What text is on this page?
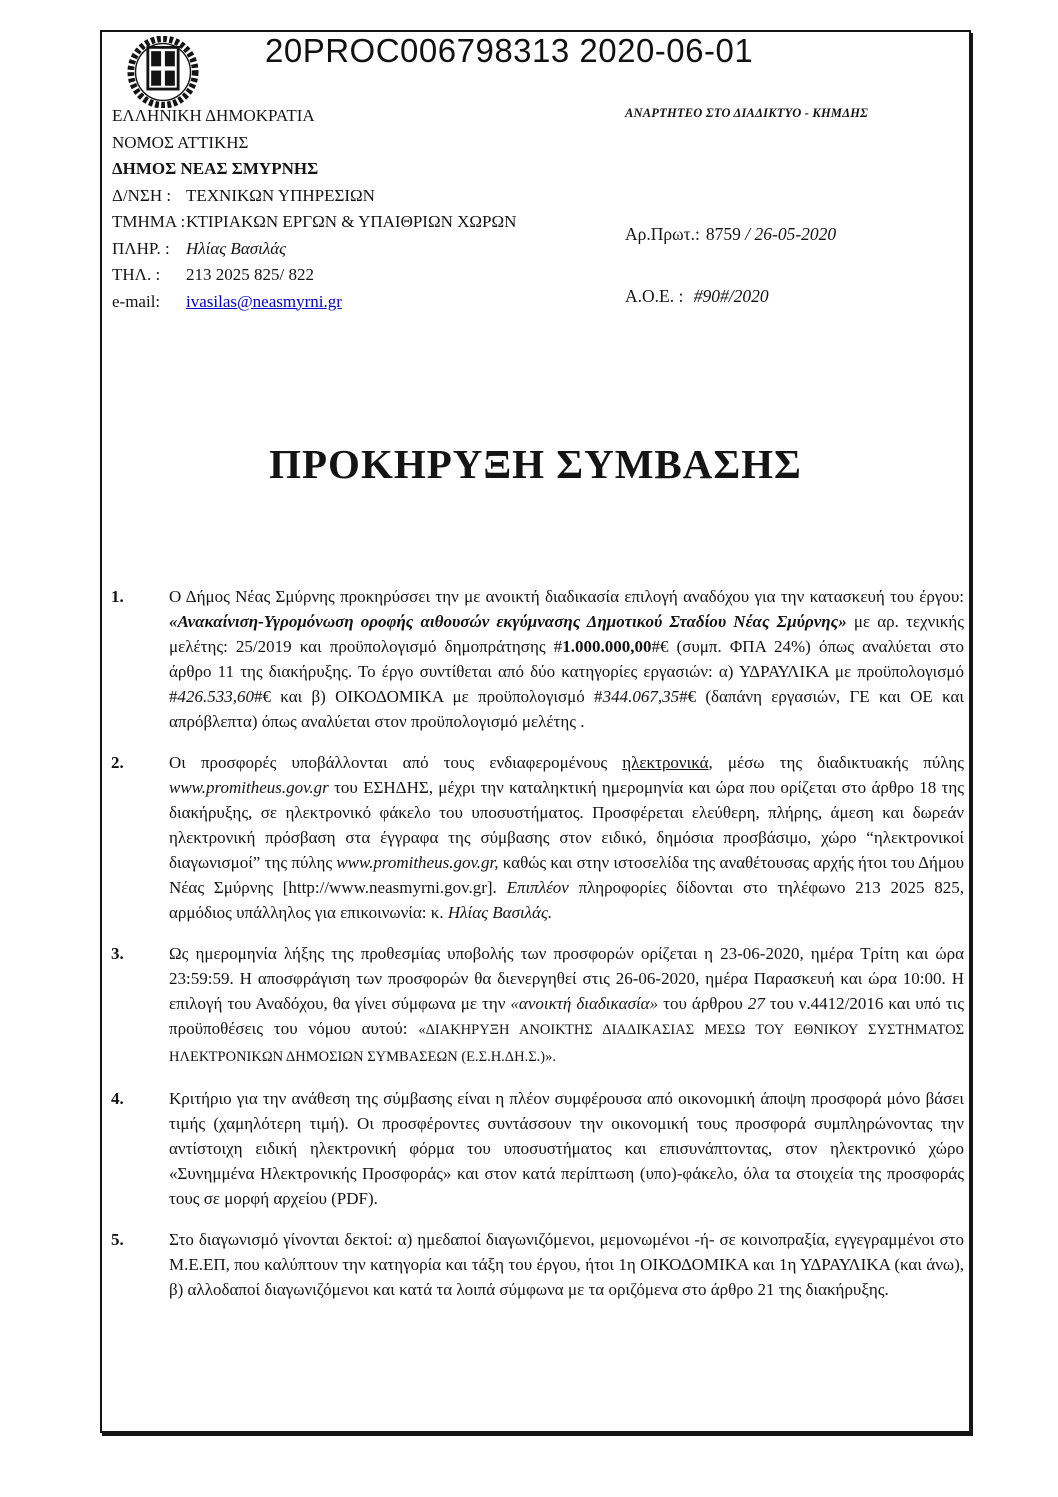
20PROC006798313 2020-06-01
ΕΛΛΗΝΙΚΗ ΔΗΜΟΚΡΑΤΙΑ
ΝΟΜΟΣ ΑΤΤΙΚΗΣ
ΔΗΜΟΣ ΝΕΑΣ ΣΜΥΡΝΗΣ
Δ/ΝΣΗ : ΤΕΧΝΙΚΩΝ ΥΠΗΡΕΣΙΩΝ
ΤΜΗΜΑ : ΚΤΙΡΙΑΚΩΝ ΕΡΓΩΝ & ΥΠΑΙΘΡΙΩΝ ΧΩΡΩΝ
ΠΛΗΡ. : Ηλίας Βασιλάς
ΤΗΛ. :	213 2025 825/ 822
e-mail:	ivasilas@neasmyrni.gr
ΑΝΑΡΤΗΤΕΟ ΣΤΟ ΔΙΑΔΙΚΤΥΟ - ΚΗΜΔΗΣ
Αρ.Πρωτ.: 8759 / 26-05-2020
Α.Ο.Ε. : #90#/2020
ΠΡΟΚΗΡΥΞΗ ΣΥΜΒΑΣΗΣ
1.	Ο Δήμος Νέας Σμύρνης προκηρύσσει την με ανοικτή διαδικασία επιλογή αναδόχου για την κατασκευή του έργου: «Ανακαίνιση-Υγρομόνωση οροφής αιθουσών εκγύμνασης Δημοτικού Σταδίου Νέας Σμύρνης» με αρ. τεχνικής μελέτης: 25/2019 και προϋπολογισμό δημοπράτησης #1.000.000,00#€ (συμπ. ΦΠΑ 24%) όπως αναλύεται στο άρθρο 11 της διακήρυξης. Το έργο συντίθεται από δύο κατηγορίες εργασιών: α) ΥΔΡΑΥΛΙΚΑ με προϋπολογισμό #426.533,60#€ και β) ΟΙΚΟΔΟΜΙΚΑ με προϋπολογισμό #344.067,35#€ (δαπάνη εργασιών, ΓΕ και ΟΕ και απρόβλεπτα) όπως αναλύεται στον προϋπολογισμό μελέτης .
2.	Οι προσφορές υποβάλλονται από τους ενδιαφερομένους ηλεκτρονικά, μέσω της διαδικτυακής πύλης www.promitheus.gov.gr του ΕΣΗΔΗΣ, μέχρι την καταληκτική ημερομηνία και ώρα που ορίζεται στο άρθρο 18 της διακήρυξης, σε ηλεκτρονικό φάκελο του υποσυστήματος. Προσφέρεται ελεύθερη, πλήρης, άμεση και δωρεάν ηλεκτρονική πρόσβαση στα έγγραφα της σύμβασης στον ειδικό, δημόσια προσβάσιμο, χώρο “ηλεκτρονικοί διαγωνισμοί” της πύλης www.promitheus.gov.gr, καθώς και στην ιστοσελίδα της αναθέτουσας αρχής ήτοι του Δήμου Νέας Σμύρνης [http://www.neasmyrni.gov.gr]. Επιπλέον πληροφορίες δίδονται στο τηλέφωνο 213 2025 825, αρμόδιος υπάλληλος για επικοινωνία: κ. Ηλίας Βασιλάς.
3.	Ως ημερομηνία λήξης της προθεσμίας υποβολής των προσφορών ορίζεται η 23-06-2020, ημέρα Τρίτη και ώρα 23:59:59. Η αποσφράγιση των προσφορών θα διενεργηθεί στις 26-06-2020, ημέρα Παρασκευή και ώρα 10:00. Η επιλογή του Αναδόχου, θα γίνει σύμφωνα με την «ανοικτή διαδικασία» του άρθρου 27 του ν.4412/2016 και υπό τις προϋποθέσεις του νόμου αυτού: «ΔΙΑΚΗΡΥΞΗ ΑΝΟΙΚΤΗΣ ΔΙΑΔΙΚΑΣΙΑΣ ΜΕΣΩ ΤΟΥ ΕΘΝΙΚΟΥ ΣΥΣΤΗΜΑΤΟΣ ΗΛΕΚΤΡΟΝΙΚΩΝ ΔΗΜΟΣΙΩΝ ΣΥΜΒΑΣΕΩΝ (Ε.Σ.Η.ΔΗ.Σ.)».
4.	Κριτήριο για την ανάθεση της σύμβασης είναι η πλέον συμφέρουσα από οικονομική άποψη προσφορά μόνο βάσει τιμής (χαμηλότερη τιμή). Οι προσφέροντες συντάσσουν την οικονομική τους προσφορά συμπληρώνοντας την αντίστοιχη ειδική ηλεκτρονική φόρμα του υποσυστήματος και επισυνάπτοντας, στον ηλεκτρονικό χώρο «Συνημμένα Ηλεκτρονικής Προσφοράς» και στον κατά περίπτωση (υπο)-φάκελο, όλα τα στοιχεία της προσφοράς τους σε μορφή αρχείου (PDF).
5.	Στο διαγωνισμό γίνονται δεκτοί: α) ημεδαποί διαγωνιζόμενοι, μεμονωμένοι -ή- σε κοινοπραξία, εγγεγραμμένοι στο Μ.Ε.ΕΠ, που καλύπτουν την κατηγορία και τάξη του έργου, ήτοι 1η ΟΙΚΟΔΟΜΙΚΑ και 1η ΥΔΡΑΥΛΙΚΑ (και άνω), β) αλλοδαποί διαγωνιζόμενοι και κατά τα λοιπά σύμφωνα με τα οριζόμενα στο άρθρο 21 της διακήρυξης.
